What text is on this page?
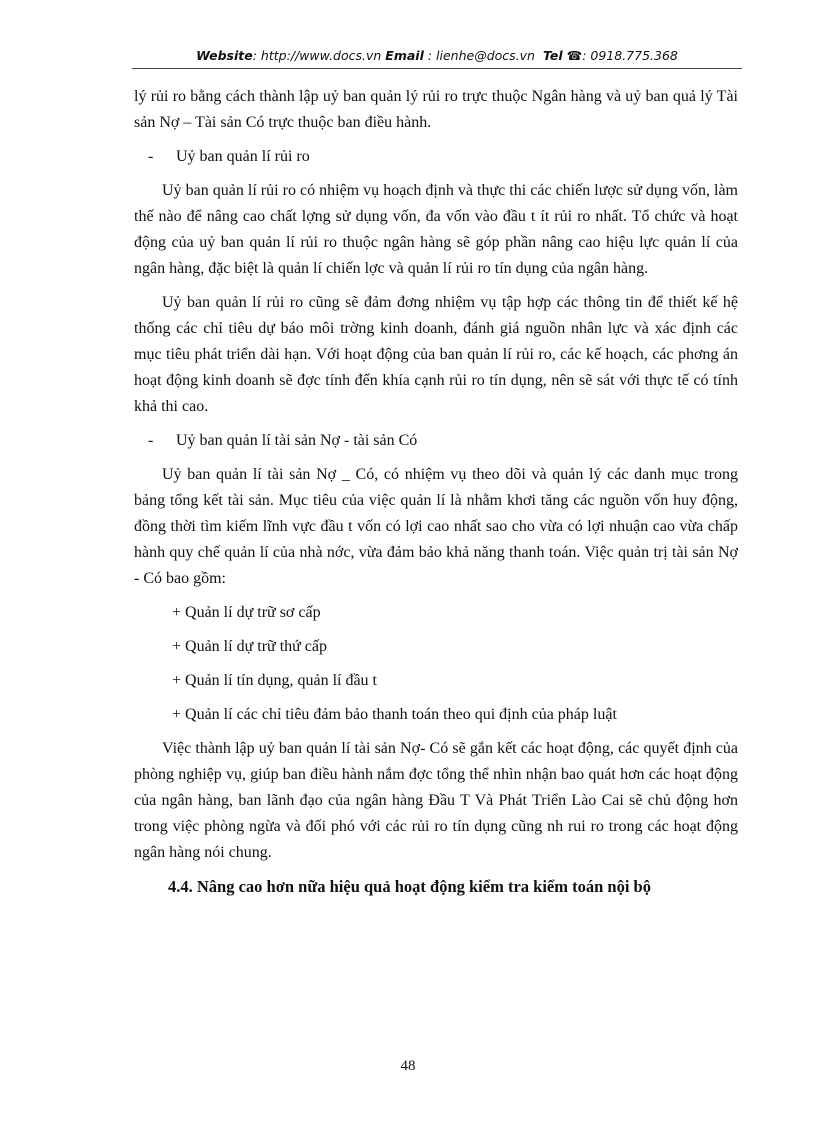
Website: http://www.docs.vn Email : lienhe@docs.vn Tel ☎: 0918.775.368

lý rủi ro bằng cách thành lập uỷ ban quản lý rủi ro trực thuộc Ngân hàng và uỷ ban quả lý Tài sản Nợ – Tài sản Có trực thuộc ban điều hành.

- Uỷ ban quản lí rủi ro

Uỷ ban quản lí rủi ro có nhiệm vụ hoạch định và thực thi các chiến lược sử dụng vốn, làm thế nào để nâng cao chất lợng sử dụng vốn, đa vốn vào đầu t ít rủi ro nhất. Tổ chức và hoạt động của uỷ ban quản lí rủi ro thuộc ngân hàng sẽ góp phần nâng cao hiệu lực quản lí của ngân hàng, đặc biệt là quản lí chiến lợc và quản lí rủi ro tín dụng của ngân hàng.

Uỷ ban quản lí rủi ro cũng sẽ đảm đơng nhiệm vụ tập hợp các thông tin để thiết kế hệ thống các chỉ tiêu dự báo môi trờng kinh doanh, đánh giá nguồn nhân lực và xác định các mục tiêu phát triển dài hạn. Với hoạt động của ban quản lí rủi ro, các kế hoạch, các phơng án hoạt động kinh doanh sẽ đợc tính đến khía cạnh rủi ro tín dụng, nên sẽ sát với thực tế có tính khả thi cao.

- Uỷ ban quản lí tài sản Nợ - tài sản Có

Uỷ ban quản lí tài sản Nợ _ Có, có nhiệm vụ theo dõi và quản lý các danh mục trong bảng tổng kết tài sản. Mục tiêu của việc quản lí là nhằm khơi tăng các nguồn vốn huy động, đồng thời tìm kiếm lĩnh vực đầu t vốn có lợi cao nhất sao cho vừa có lợi nhuận cao vừa chấp hành quy chế quản lí của nhà nớc, vừa đảm bảo khả năng thanh toán. Việc quản trị tài sản Nợ - Có bao gồm:

+ Quản lí dự trữ sơ cấp

+ Quản lí dự trữ thứ cấp

+ Quản lí tín dụng, quản lí đầu t

+ Quản lí các chỉ tiêu đảm bảo thanh toán theo qui định của pháp luật

Việc thành lập uỷ ban quản lí tài sản Nợ- Có sẽ gắn kết các hoạt động, các quyết định của phòng nghiệp vụ, giúp ban điều hành nắm đợc tổng thể nhìn nhận bao quát hơn các hoạt động của ngân hàng, ban lãnh đạo của ngân hàng Đầu T Và Phát Triển Lào Cai sẽ chủ động hơn trong việc phòng ngừa và đối phó với các rủi ro tín dụng cũng nh rui ro trong các hoạt động ngân hàng nói chung.

4.4. Nâng cao hơn nữa hiệu quả hoạt động kiểm tra kiểm toán nội bộ

48
